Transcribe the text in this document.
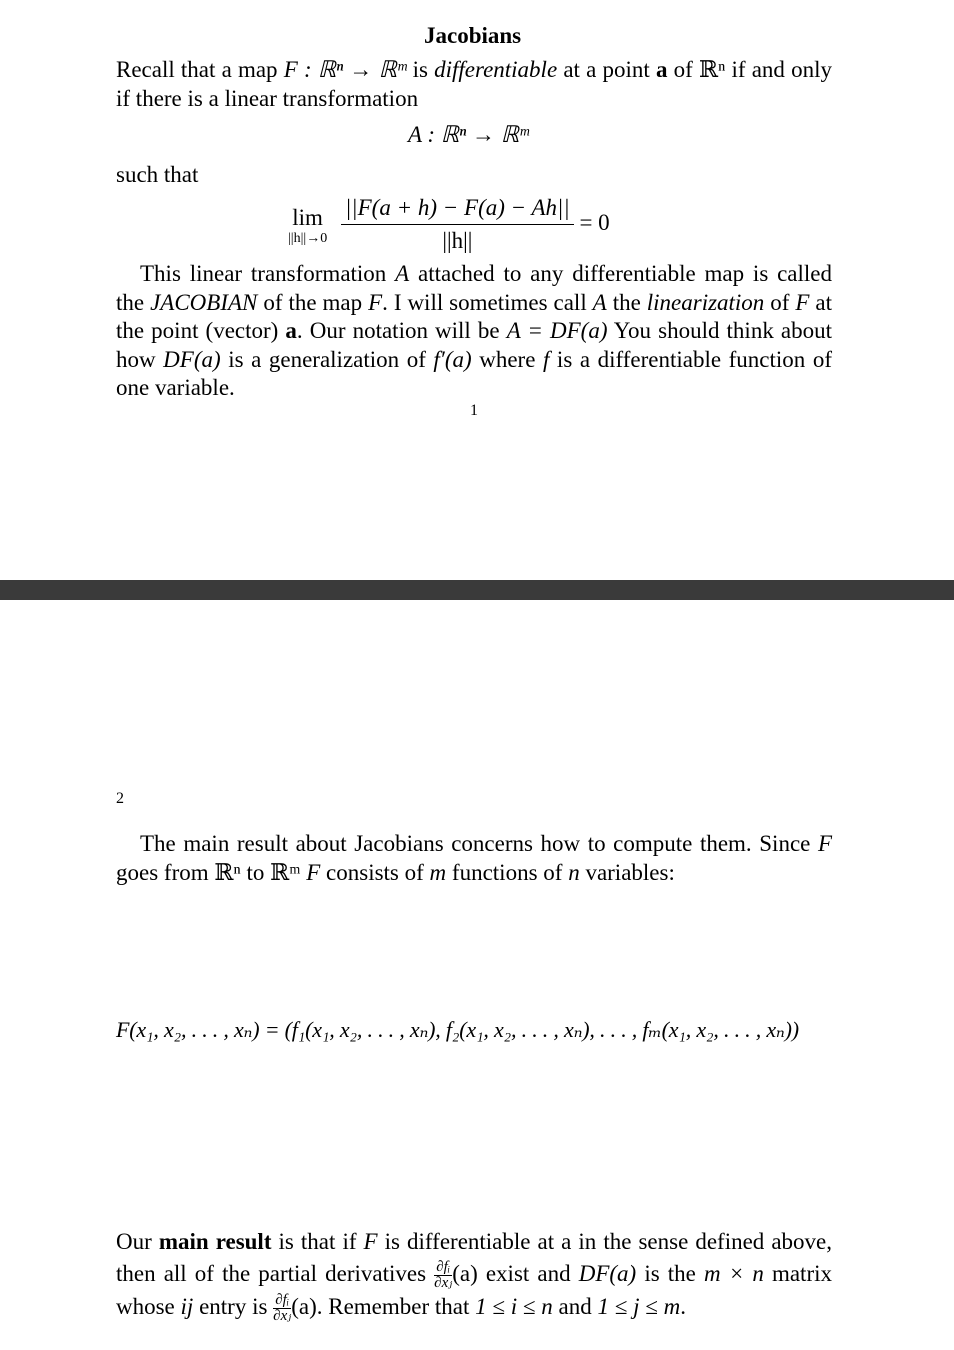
Jacobians
Recall that a map F : ℝⁿ → ℝᵐ is differentiable at a point a of ℝⁿ if and only if there is a linear transformation
A : ℝⁿ → ℝᵐ
such that
lim
||h||→0
$\frac{||F(a + h) - F(a) - Ah||}{||h||} = 0$
This linear transformation A attached to any differentiable map is called the JACOBIAN of the map F. I will sometimes call A the linearization of F at the point (vector) a. Our notation will be A = DF(a) You should think about how DF(a) is a generalization of f′(a) where f is a differentiable function of one variable.
1
2
The main result about Jacobians concerns how to compute them. Since F goes from ℝⁿ to ℝᵐ F consists of m functions of n variables:
F(x₁, x₂, . . . , xₙ) = (f₁(x₁, x₂, . . . , xₙ), f₂(x₁, x₂, . . . , xₙ), . . . , fₘ(x₁, x₂, . . . , xₙ))
Our main result is that if F is differentiable at a in the sense defined above, then all of the partial derivatives $\frac{\text{∂fᵢ}}{\text{∂xⱼ}} (a)$ exist and DF(a) is the m × n matrix whose ij entry is $\frac{\text{∂fᵢ}}{\text{∂xⱼ}} (a)$. Remember that 1 ≤ i ≤ n and 1 ≤ j ≤ m.
